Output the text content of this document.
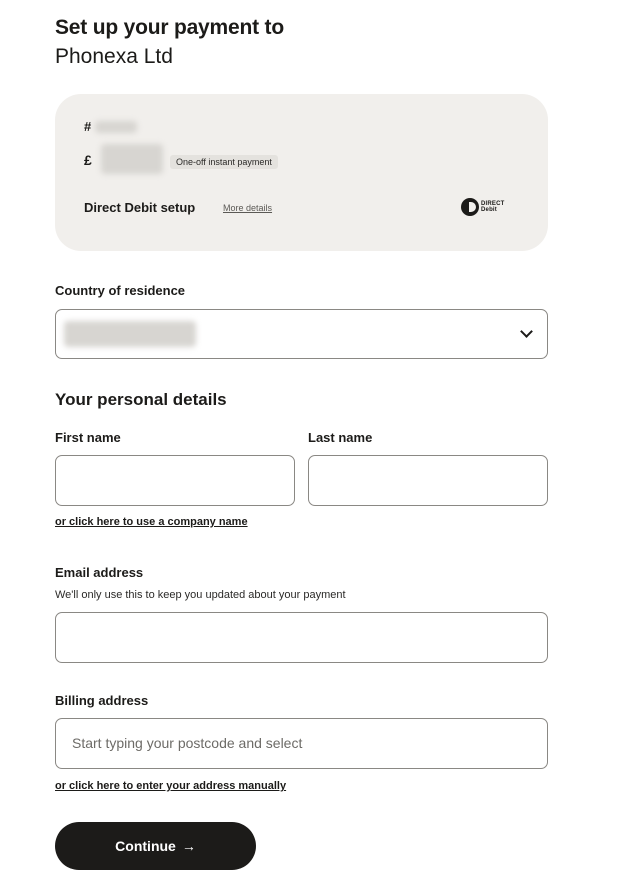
Set up your payment to
Phonexa Ltd
#
£	One-off instant payment
Direct Debit setup	More details	DIRECT
Debit
Country of residence
Your personal details
First name	Last name
or click here to use a company name
Email address
We'll only use this to keep you updated about your payment
Billing address
Start typing your postcode and select
or click here to enter your address manually
Continue →
